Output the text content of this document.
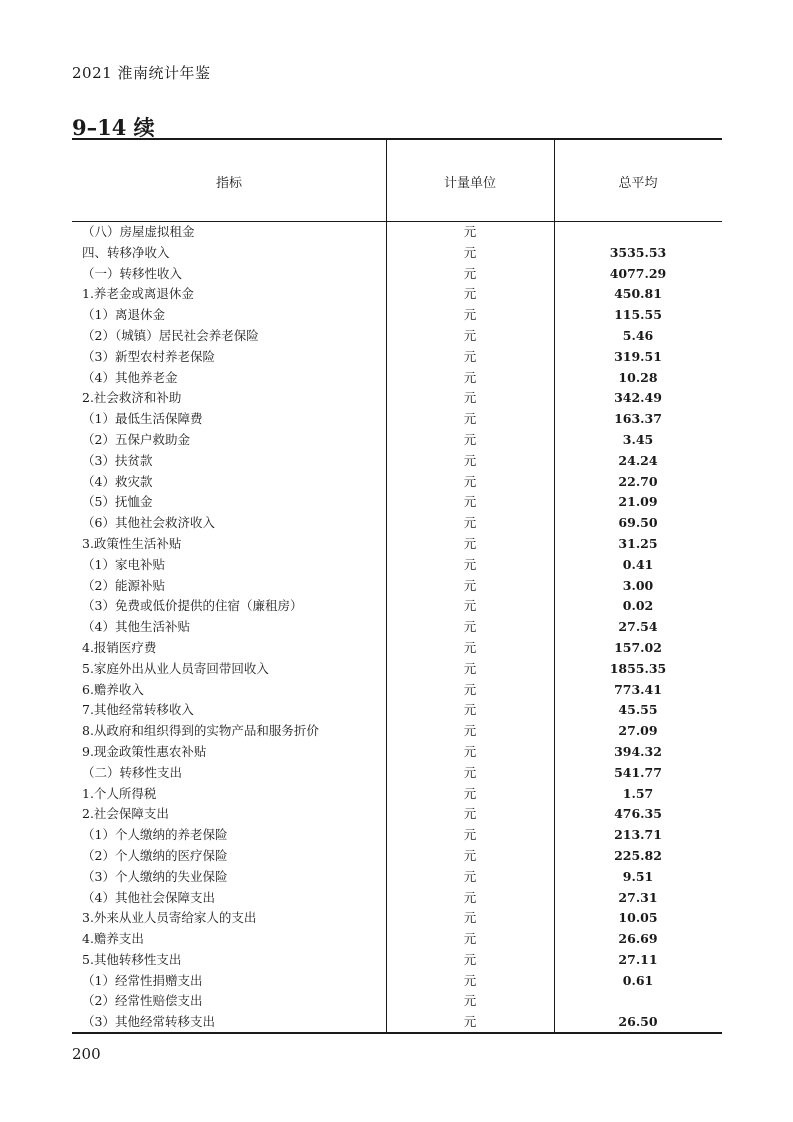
2021 淮南统计年鉴
9–14 续
指标	计量单位	总平均
（八）房屋虚拟租金	元
四、转移净收入	元	3535.53
（一）转移性收入	元	4077.29
1.养老金或离退休金	元	450.81
（1）离退休金	元	115.55
（2）（城镇）居民社会养老保险	元	5.46
（3）新型农村养老保险	元	319.51
（4）其他养老金	元	10.28
2.社会救济和补助	元	342.49
（1）最低生活保障费	元	163.37
（2）五保户救助金	元	3.45
（3）扶贫款	元	24.24
（4）救灾款	元	22.70
（5）抚恤金	元	21.09
（6）其他社会救济收入	元	69.50
3.政策性生活补贴	元	31.25
（1）家电补贴	元	0.41
（2）能源补贴	元	3.00
（3）免费或低价提供的住宿（廉租房）	元	0.02
（4）其他生活补贴	元	27.54
4.报销医疗费	元	157.02
5.家庭外出从业人员寄回带回收入	元	1855.35
6.赡养收入	元	773.41
7.其他经常转移收入	元	45.55
8.从政府和组织得到的实物产品和服务折价	元	27.09
9.现金政策性惠农补贴	元	394.32
（二）转移性支出	元	541.77
1.个人所得税	元	1.57
2.社会保障支出	元	476.35
（1）个人缴纳的养老保险	元	213.71
（2）个人缴纳的医疗保险	元	225.82
（3）个人缴纳的失业保险	元	9.51
（4）其他社会保障支出	元	27.31
3.外来从业人员寄给家人的支出	元	10.05
4.赡养支出	元	26.69
5.其他转移性支出	元	27.11
（1）经常性捐赠支出	元	0.61
（2）经常性赔偿支出	元
（3）其他经常转移支出	元	26.50
200
